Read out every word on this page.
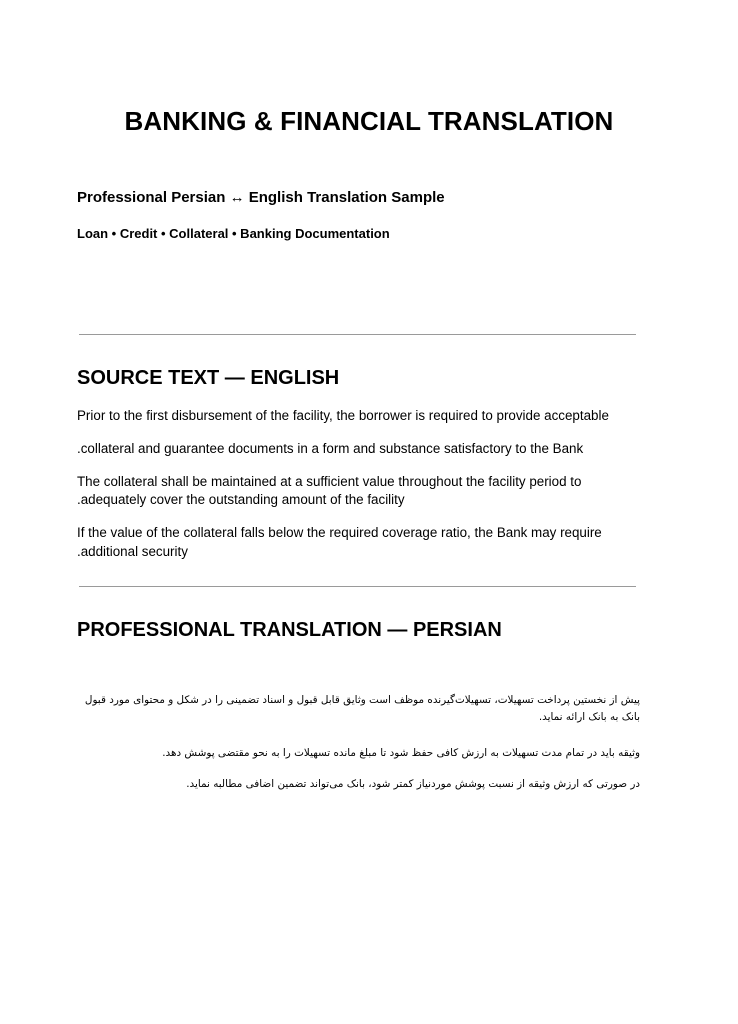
BANKING & FINANCIAL TRANSLATION
Professional Persian ↔ English Translation Sample
Loan • Credit • Collateral • Banking Documentation
SOURCE TEXT — ENGLISH
Prior to the first disbursement of the facility, the borrower is required to provide acceptable
.collateral and guarantee documents in a form and substance satisfactory to the Bank
The collateral shall be maintained at a sufficient value throughout the facility period to
.adequately cover the outstanding amount of the facility
If the value of the collateral falls below the required coverage ratio, the Bank may require
.additional security
PROFESSIONAL TRANSLATION — PERSIAN
پیش از نخستین پرداخت تسهیلات، تسهیلات‌گیرنده موظف است وثایق قابل قبول و اسناد تضمینی را در شکل و محتوای مورد قبول بانک به بانک ارائه نماید.
وثیقه باید در تمام مدت تسهیلات به ارزش کافی حفظ شود تا مبلغ مانده تسهیلات را به نحو مقتضی پوشش دهد.
در صورتی که ارزش وثیقه از نسبت پوشش موردنیاز کمتر شود، بانک می‌تواند تضمین اضافی مطالبه نماید.
